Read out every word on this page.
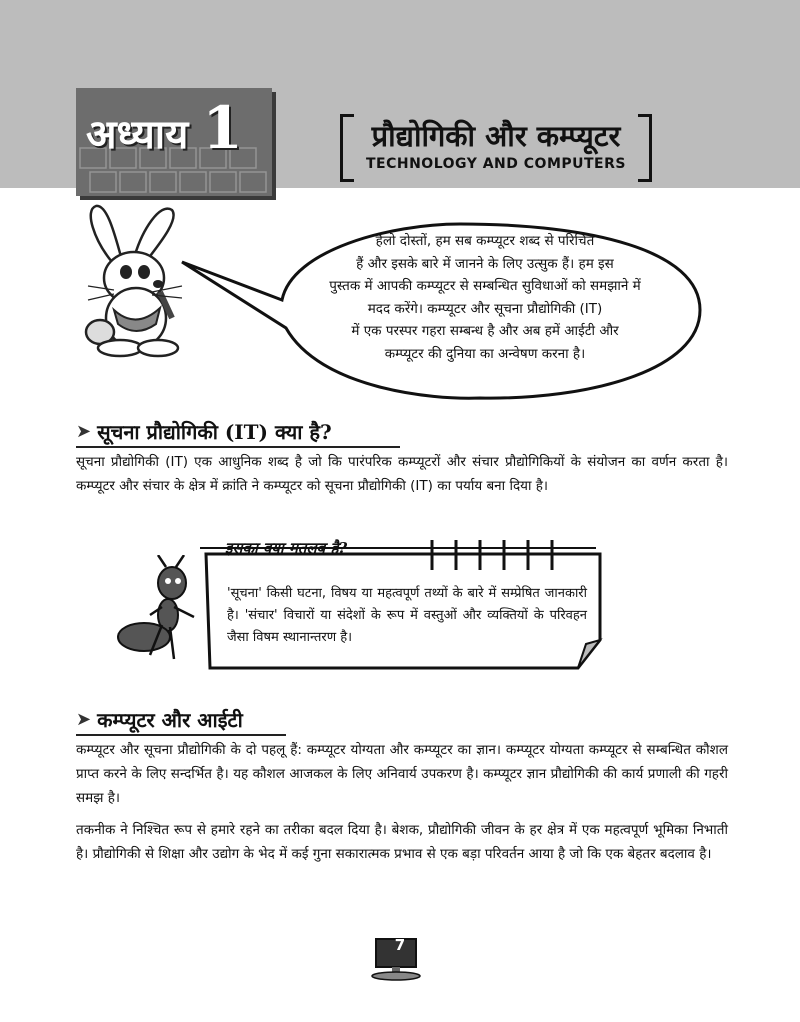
अध्याय 1	प्रौद्योगिकी और कम्प्यूटर
TECHNOLOGY AND COMPUTERS
हैलो दोस्तों, हम सब कम्प्यूटर शब्द से परिचित
हैं और इसके बारे में जानने के लिए उत्सुक हैं। हम इस
पुस्तक में आपकी कम्प्यूटर से सम्बन्धित सुविधाओं को समझाने में
मदद करेंगे। कम्प्यूटर और सूचना प्रौद्योगिकी (IT)
में एक परस्पर गहरा सम्बन्ध है और अब हमें आईटी और
कम्प्यूटर की दुनिया का अन्वेषण करना है।
➤ सूचना प्रौद्योगिकी (IT) क्या है?
सूचना प्रौद्योगिकी (IT) एक आधुनिक शब्द है जो कि पारंपरिक कम्प्यूटरों और संचार प्रौद्योगिकियों के संयोजन का वर्णन करता है। कम्प्यूटर और संचार के क्षेत्र में क्रांति ने कम्प्यूटर को सूचना प्रौद्योगिकी (IT) का पर्याय बना दिया है।
इसका क्या मतलब है?
'सूचना' किसी घटना, विषय या महत्वपूर्ण तथ्यों के बारे में सम्प्रेषित जानकारी है। 'संचार' विचारों या संदेशों के रूप में वस्तुओं और व्यक्तियों के परिवहन जैसा विषम स्थानान्तरण है।
➤ कम्प्यूटर और आईटी
कम्प्यूटर और सूचना प्रौद्योगिकी के दो पहलू हैं: कम्प्यूटर योग्यता और कम्प्यूटर का ज्ञान। कम्प्यूटर योग्यता कम्प्यूटर से सम्बन्धित कौशल प्राप्त करने के लिए सन्दर्भित है। यह कौशल आजकल के लिए अनिवार्य उपकरण है। कम्प्यूटर ज्ञान प्रौद्योगिकी की कार्य प्रणाली की गहरी समझ है।
तकनीक ने निश्चित रूप से हमारे रहने का तरीका बदल दिया है। बेशक, प्रौद्योगिकी जीवन के हर क्षेत्र में एक महत्वपूर्ण भूमिका निभाती है। प्रौद्योगिकी से शिक्षा और उद्योग के भेद में कई गुना सकारात्मक प्रभाव से एक बड़ा परिवर्तन आया है जो कि एक बेहतर बदलाव है।
7
